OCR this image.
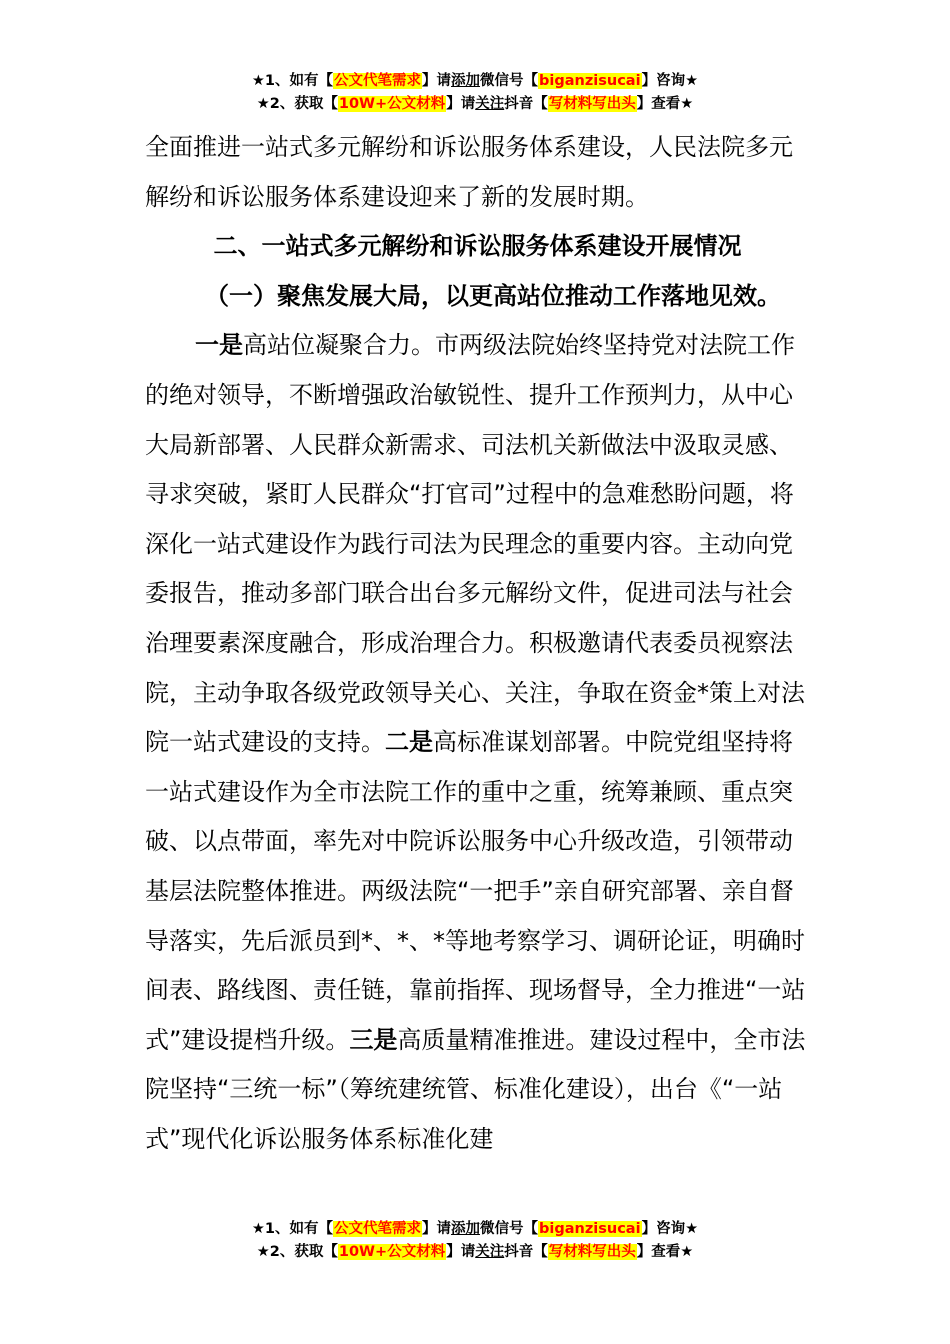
★1、如有【公文代笔需求】请添加微信号【biganzisucai】咨询★
★2、获取【10W+公文材料】请关注抖音【写材料写出头】查看★

全面推进一站式多元解纷和诉讼服务体系建设，人民法院多元解纷和诉讼服务体系建设迎来了新的发展时期。

二、一站式多元解纷和诉讼服务体系建设开展情况

（一）聚焦发展大局，以更高站位推动工作落地见效。

一是高站位凝聚合力。市两级法院始终坚持党对法院工作的绝对领导，不断增强政治敏锐性、提升工作预判力，从中心大局新部署、人民群众新需求、司法机关新做法中汲取灵感、寻求突破，紧盯人民群众“打官司”过程中的急难愁盼问题，将深化一站式建设作为践行司法为民理念的重要内容。主动向党委报告，推动多部门联合出台多元解纷文件，促进司法与社会治理要素深度融合，形成治理合力。积极邀请代表委员视察法院，主动争取各级党政领导关心、关注，争取在资金*策上对法院一站式建设的支持。二是高标准谋划部署。中院党组坚持将一站式建设作为全市法院工作的重中之重，统筹兼顾、重点突破、以点带面，率先对中院诉讼服务中心升级改造，引领带动基层法院整体推进。两级法院“一把手”亲自研究部署、亲自督导落实，先后派员到*、*、*等地考察学习、调研论证，明确时间表、路线图、责任链，靠前指挥、现场督导，全力推进“一站式”建设提档升级。三是高质量精准推进。建设过程中，全市法院坚持“三统一标”（筹统建统管、标准化建设），出台《“一站式”现代化诉讼服务体系标准化建

★1、如有【公文代笔需求】请添加微信号【biganzisucai】咨询★
★2、获取【10W+公文材料】请关注抖音【写材料写出头】查看★
